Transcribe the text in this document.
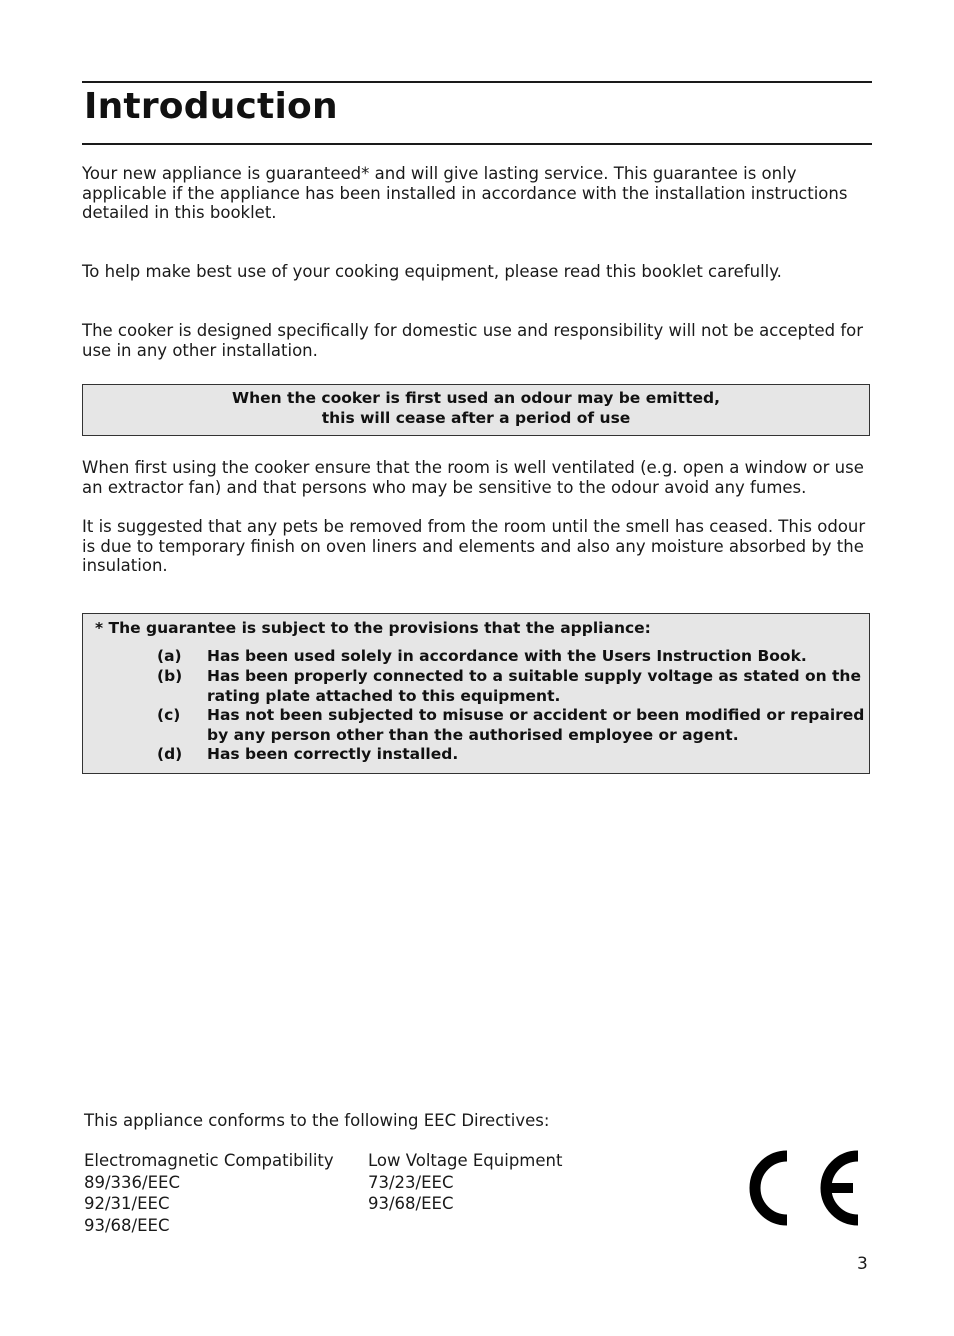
Introduction

Your new appliance is guaranteed* and will give lasting service. This guarantee is only applicable if the appliance has been installed in accordance with the installation instructions detailed in this booklet.

To help make best use of your cooking equipment, please read this booklet carefully.

The cooker is designed specifically for domestic use and responsibility will not be accepted for use in any other installation.

When the cooker is first used an odour may be emitted,
this will cease after a period of use

When first using the cooker ensure that the room is well ventilated (e.g. open a window or use an extractor fan) and that persons who may be sensitive to the odour avoid any fumes.

It is suggested that any pets be removed from the room until the smell has ceased. This odour is due to temporary finish on oven liners and elements and also any moisture absorbed by the insulation.

* The guarantee is subject to the provisions that the appliance:
(a) Has been used solely in accordance with the Users Instruction Book.
(b) Has been properly connected to a suitable supply voltage as stated on the rating plate attached to this equipment.
(c) Has not been subjected to misuse or accident or been modified or repaired by any person other than the authorised employee or agent.
(d) Has been correctly installed.

This appliance conforms to the following EEC Directives:

Electromagnetic Compatibility
89/336/EEC
92/31/EEC
93/68/EEC
Low Voltage Equipment
73/23/EEC
93/68/EEC
3
